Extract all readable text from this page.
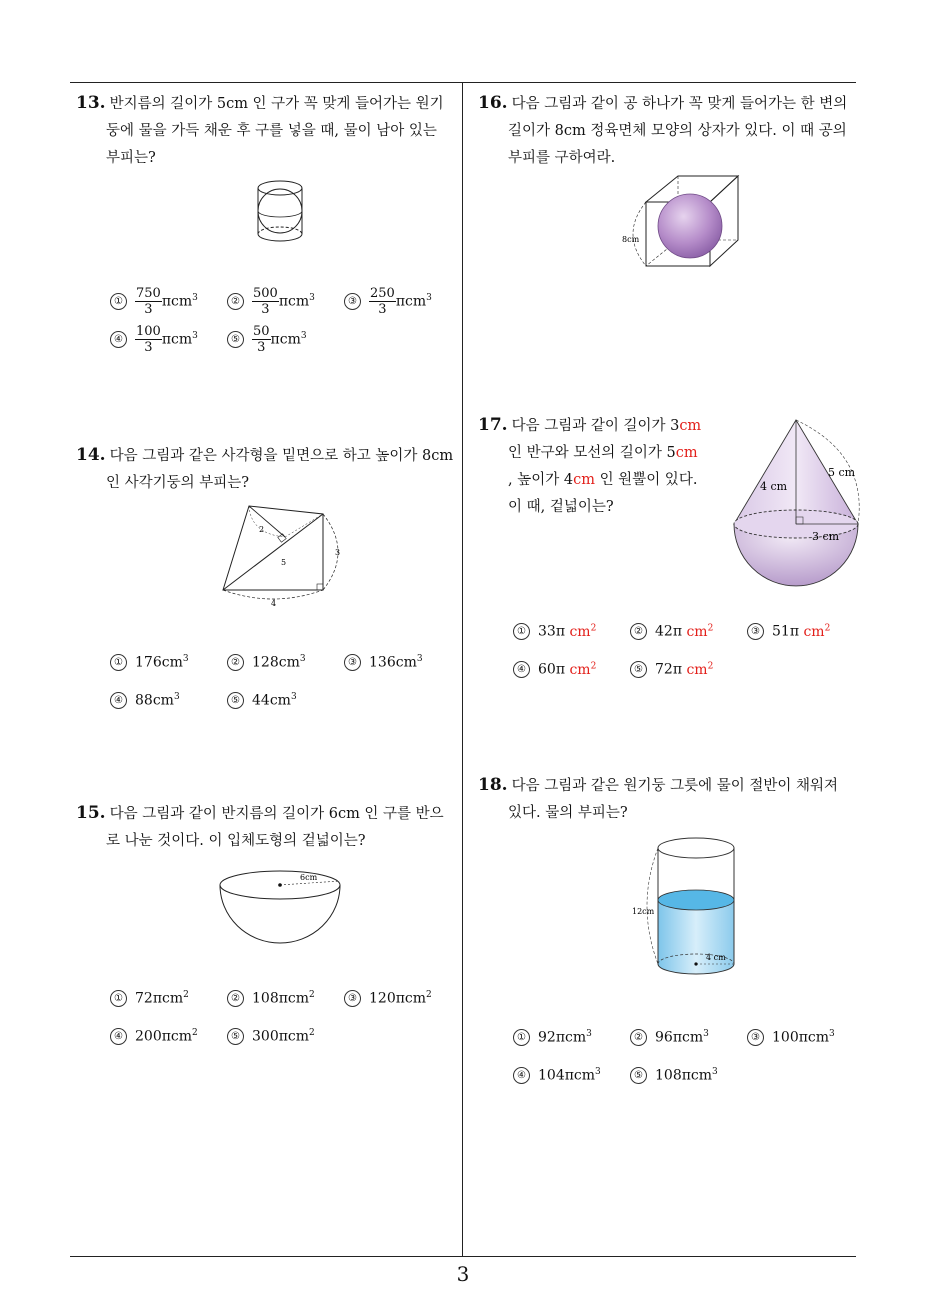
3
13. 반지름의 길이가 5cm 인 구가 꼭 맞게 들어가는 원기
둥에 물을 가득 채운 후 구를 넣을 때, 물이 남아 있는
부피는?
① $\frac{750}{3} \pi cm^3$	② $\frac{500}{3} \pi cm^3$	③ $\frac{250}{3} \pi cm^3$
④ $\frac{100}{3} \pi cm^3$	⑤ $\frac{50}{3} \pi cm^3$
14. 다음 그림과 같은 사각형을 밑면으로 하고 높이가 8cm
인 사각기둥의 부피는?
2
3
5
4
① $176cm^3$	② $128cm^3$	③ $136cm^3$
④ $88cm^3$	⑤ $44cm^3$
15. 다음 그림과 같이 반지름의 길이가 6cm 인 구를 반으
로 나눈 것이다. 이 입체도형의 겉넓이는?
6cm
① 72πcm$^2$	② 108πcm$^2$	③ 120πcm$^2$
④ 200πcm$^2$	⑤ 300πcm$^2$
16. 다음 그림과 같이 공 하나가 꼭 맞게 들어가는 한 변의
길이가 8cm 정육면체 모양의 상자가 있다. 이 때 공의
부피를 구하여라.
8cm
17. 다음 그림과 같이 길이가 3cm
인 반구와 모선의 길이가 5cm
, 높이가 4cm 인 원뿔이 있다.
이 때, 겉넓이는?
4 cm
5 cm
3 cm
① 33π $cm^2$	② 42π $cm^2$	③ 51π $cm^2$
④ 60π $cm^2$	⑤ 72π $cm^2$
18. 다음 그림과 같은 원기둥 그릇에 물이 절반이 채워져
있다. 물의 부피는?
12cm
4 cm
① 92πcm$^3$	② 96πcm$^3$	③ 100πcm$^3$
④ 104πcm$^3$	⑤ 108πcm$^3$
